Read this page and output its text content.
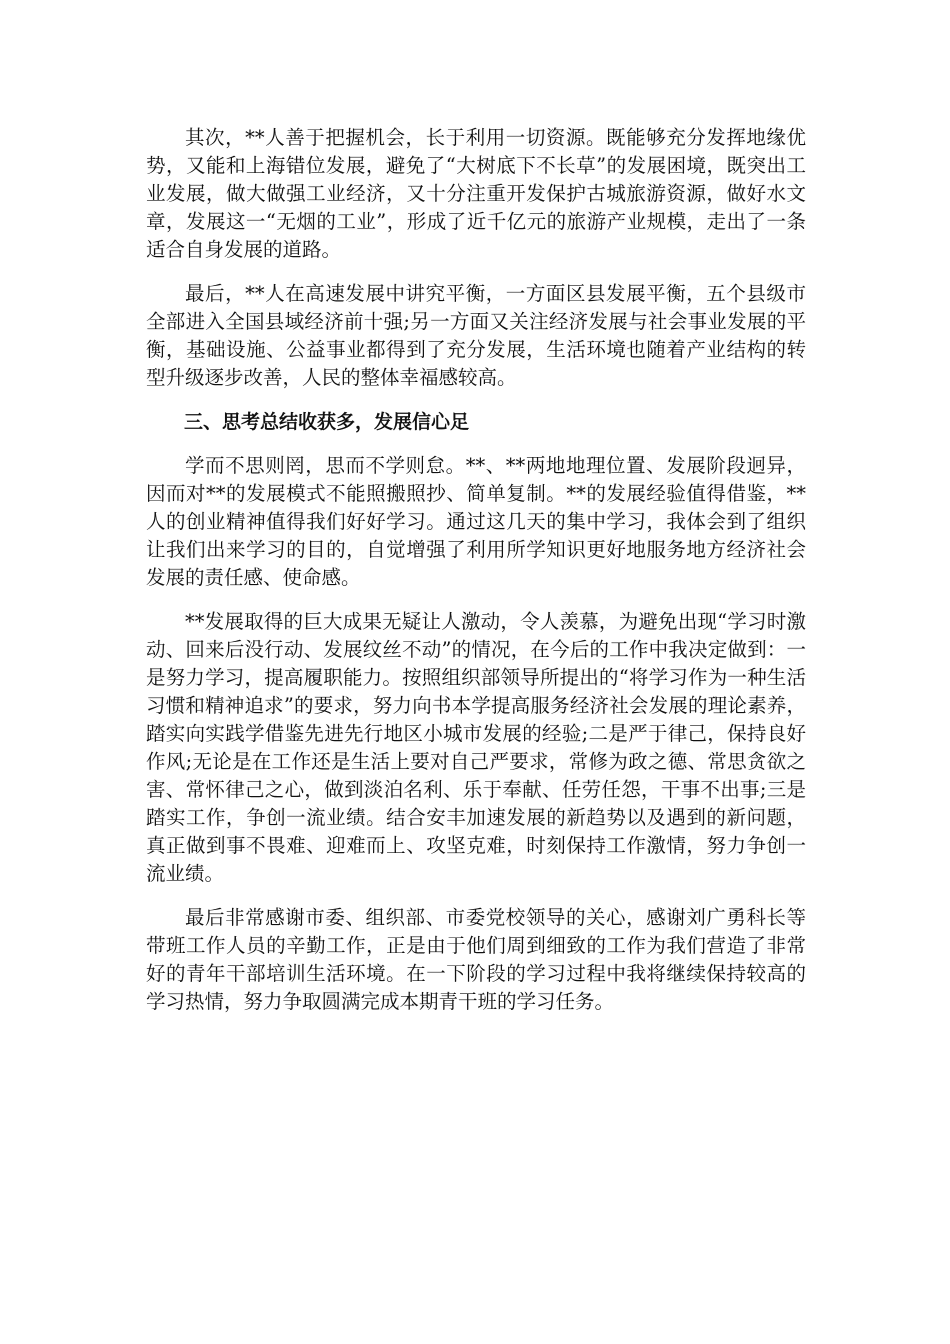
其次，**人善于把握机会，长于利用一切资源。既能够充分发挥地缘优势，又能和上海错位发展，避免了“大树底下不长草”的发展困境，既突出工业发展，做大做强工业经济，又十分注重开发保护古城旅游资源，做好水文章，发展这一“无烟的工业”，形成了近千亿元的旅游产业规模，走出了一条适合自身发展的道路。

最后，**人在高速发展中讲究平衡，一方面区县发展平衡，五个县级市全部进入全国县域经济前十强;另一方面又关注经济发展与社会事业发展的平衡，基础设施、公益事业都得到了充分发展，生活环境也随着产业结构的转型升级逐步改善，人民的整体幸福感较高。

三、思考总结收获多，发展信心足

学而不思则罔，思而不学则怠。**、**两地地理位置、发展阶段迥异，因而对**的发展模式不能照搬照抄、简单复制。**的发展经验值得借鉴，**人的创业精神值得我们好好学习。通过这几天的集中学习，我体会到了组织让我们出来学习的目的，自觉增强了利用所学知识更好地服务地方经济社会发展的责任感、使命感。

**发展取得的巨大成果无疑让人激动，令人羡慕，为避免出现“学习时激动、回来后没行动、发展纹丝不动”的情况，在今后的工作中我决定做到：一是努力学习，提高履职能力。按照组织部领导所提出的“将学习作为一种生活习惯和精神追求”的要求，努力向书本学提高服务经济社会发展的理论素养，踏实向实践学借鉴先进先行地区小城市发展的经验;二是严于律己，保持良好作风;无论是在工作还是生活上要对自己严要求，常修为政之德、常思贪欲之害、常怀律己之心，做到淡泊名利、乐于奉献、任劳任怨，干事不出事;三是踏实工作，争创一流业绩。结合安丰加速发展的新趋势以及遇到的新问题，真正做到事不畏难、迎难而上、攻坚克难，时刻保持工作激情，努力争创一流业绩。

最后非常感谢市委、组织部、市委党校领导的关心，感谢刘广勇科长等带班工作人员的辛勤工作，正是由于他们周到细致的工作为我们营造了非常好的青年干部培训生活环境。在一下阶段的学习过程中我将继续保持较高的学习热情，努力争取圆满完成本期青干班的学习任务。
